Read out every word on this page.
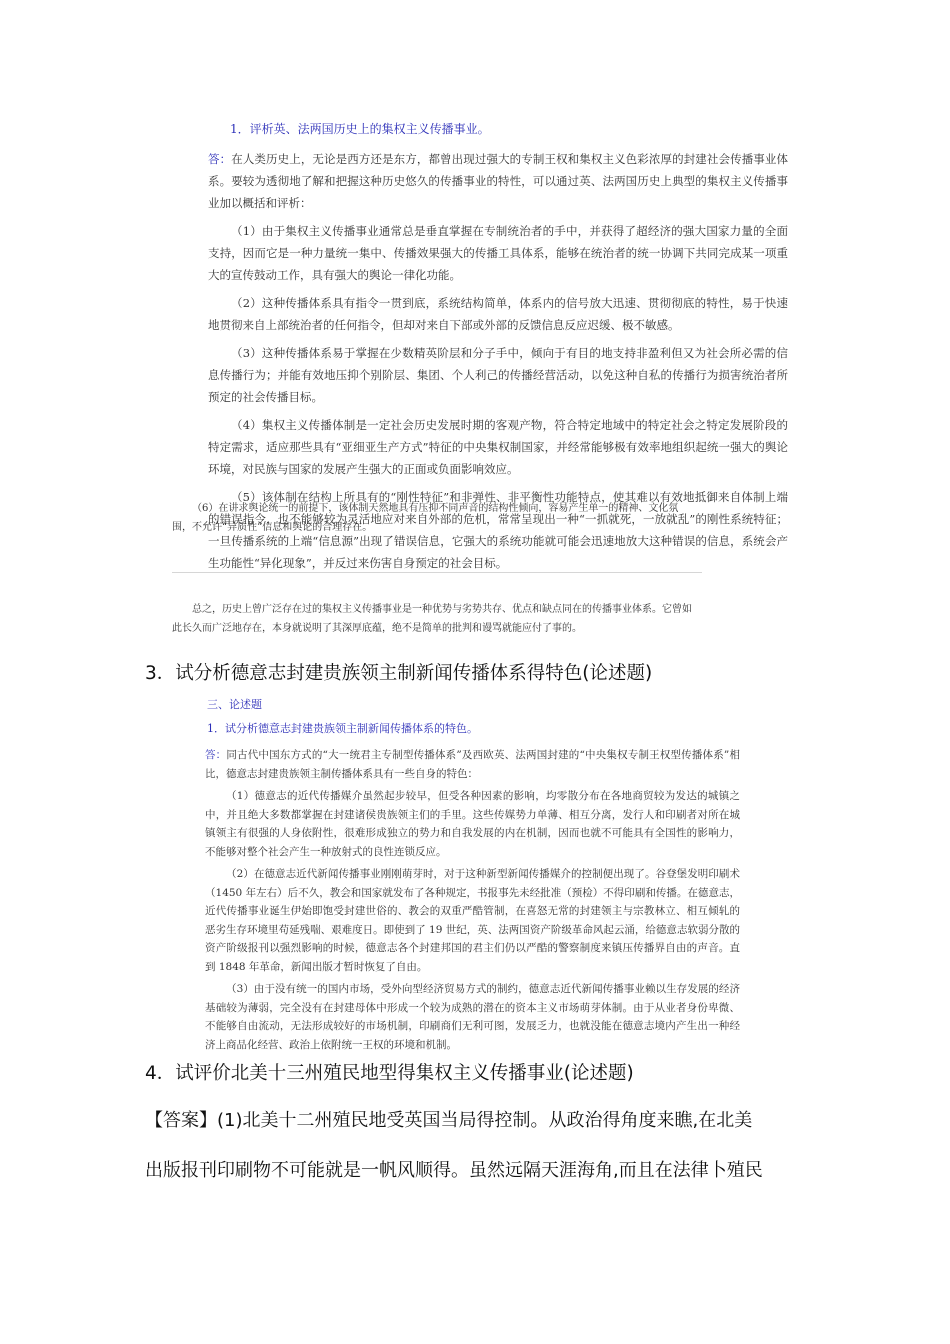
1．评析英、法两国历史上的集权主义传播事业。

答：在人类历史上，无论是西方还是东方，都曾出现过强大的专制王权和集权主义色彩浓厚的封建社会传播事业体系。要较为透彻地了解和把握这种历史悠久的传播事业的特性，可以通过英、法两国历史上典型的集权主义传播事业加以概括和评析：

（1）由于集权主义传播事业通常总是垂直掌握在专制统治者的手中，并获得了超经济的强大国家力量的全面支持，因而它是一种力量统一集中、传播效果强大的传播工具体系，能够在统治者的统一协调下共同完成某一项重大的宣传鼓动工作，具有强大的舆论一律化功能。

（2）这种传播体系具有指令一贯到底，系统结构简单，体系内的信号放大迅速、贯彻彻底的特性，易于快速地贯彻来自上部统治者的任何指令，但却对来自下部或外部的反馈信息反应迟缓、极不敏感。

（3）这种传播体系易于掌握在少数精英阶层和分子手中，倾向于有目的地支持非盈利但又为社会所必需的信息传播行为；并能有效地压抑个别阶层、集团、个人利己的传播经营活动，以免这种自私的传播行为损害统治者所预定的社会传播目标。

（4）集权主义传播体制是一定社会历史发展时期的客观产物，符合特定地域中的特定社会之特定发展阶段的特定需求，适应那些具有“亚细亚生产方式”特征的中央集权制国家，并经常能够极有效率地组织起统一强大的舆论环境，对民族与国家的发展产生强大的正面或负面影响效应。

（5）该体制在结构上所具有的“刚性特征”和非弹性、非平衡性功能特点，使其难以有效地抵御来自体制上端的错误指令，也不能够较为灵活地应对来自外部的危机，常常呈现出一种“一抓就死，一放就乱”的刚性系统特征；一旦传播系统的上端“信息源”出现了错误信息，它强大的系统功能就可能会迅速地放大这种错误的信息，系统会产生功能性“异化现象”，并反过来伤害自身预定的社会目标。

（6）在讲求舆论统一的前提下，该体制天然地具有压抑不同声音的结构性倾向，容易产生单一的精神、文化氛围，不允许“异质性”信息和舆论的合理存在。

总之，历史上曾广泛存在过的集权主义传播事业是一种优势与劣势共存、优点和缺点同在的传播事业体系。它曾如此长久而广泛地存在，本身就说明了其深厚底蕴，绝不是简单的批判和谩骂就能应付了事的。

3．试分析德意志封建贵族领主制新闻传播体系得特色(论述题)
三、论述题
1．试分析德意志封建贵族领主制新闻传播体系的特色。

答：同古代中国东方式的“大一统君主专制型传播体系”及西欧英、法两国封建的“中央集权专制王权型传播体系”相比，德意志封建贵族领主制传播体系具有一些自身的特色：

（1）德意志的近代传播媒介虽然起步较早，但受各种因素的影响，均零散分布在各地商贸较为发达的城镇之中，并且绝大多数都掌握在封建诸侯贵族领主们的手里。这些传媒势力单薄、相互分离，发行人和印刷者对所在城镇领主有很强的人身依附性，很难形成独立的势力和自我发展的内在机制，因而也就不可能具有全国性的影响力，不能够对整个社会产生一种放射式的良性连锁反应。

（2）在德意志近代新闻传播事业刚刚萌芽时，对于这种新型新闻传播媒介的控制便出现了。谷登堡发明印刷术（1450 年左右）后不久，教会和国家就发布了各种规定，书报事先未经批准（预检）不得印刷和传播。在德意志，近代传播事业诞生伊始即饱受封建世俗的、教会的双重严酷管制，在喜怒无常的封建领主与宗教林立、相互倾轧的恶劣生存环境里苟延残喘、艰难度日。即使到了 19 世纪，英、法两国资产阶级革命风起云涌，给德意志软弱分散的资产阶级报刊以强烈影响的时候，德意志各个封建邦国的君主们仍以严酷的警察制度来镇压传播界自由的声音。直到 1848 年革命，新闻出版才暂时恢复了自由。

（3）由于没有统一的国内市场，受外向型经济贸易方式的制约，德意志近代新闻传播事业赖以生存发展的经济基础较为薄弱，完全没有在封建母体中形成一个较为成熟的潜在的资本主义市场萌芽体制。由于从业者身份卑微、不能够自由流动，无法形成较好的市场机制，印刷商们无利可图，发展乏力，也就没能在德意志境内产生出一种经济上商品化经营、政治上依附统一王权的环境和机制。

4．试评价北美十三州殖民地型得集权主义传播事业(论述题)
【答案】(1)北美十二州殖民地受英国当局得控制。从政治得角度来瞧,在北美
出版报刊印刷物不可能就是一帆风顺得。虽然远隔天涯海角,而且在法律卜殖民
